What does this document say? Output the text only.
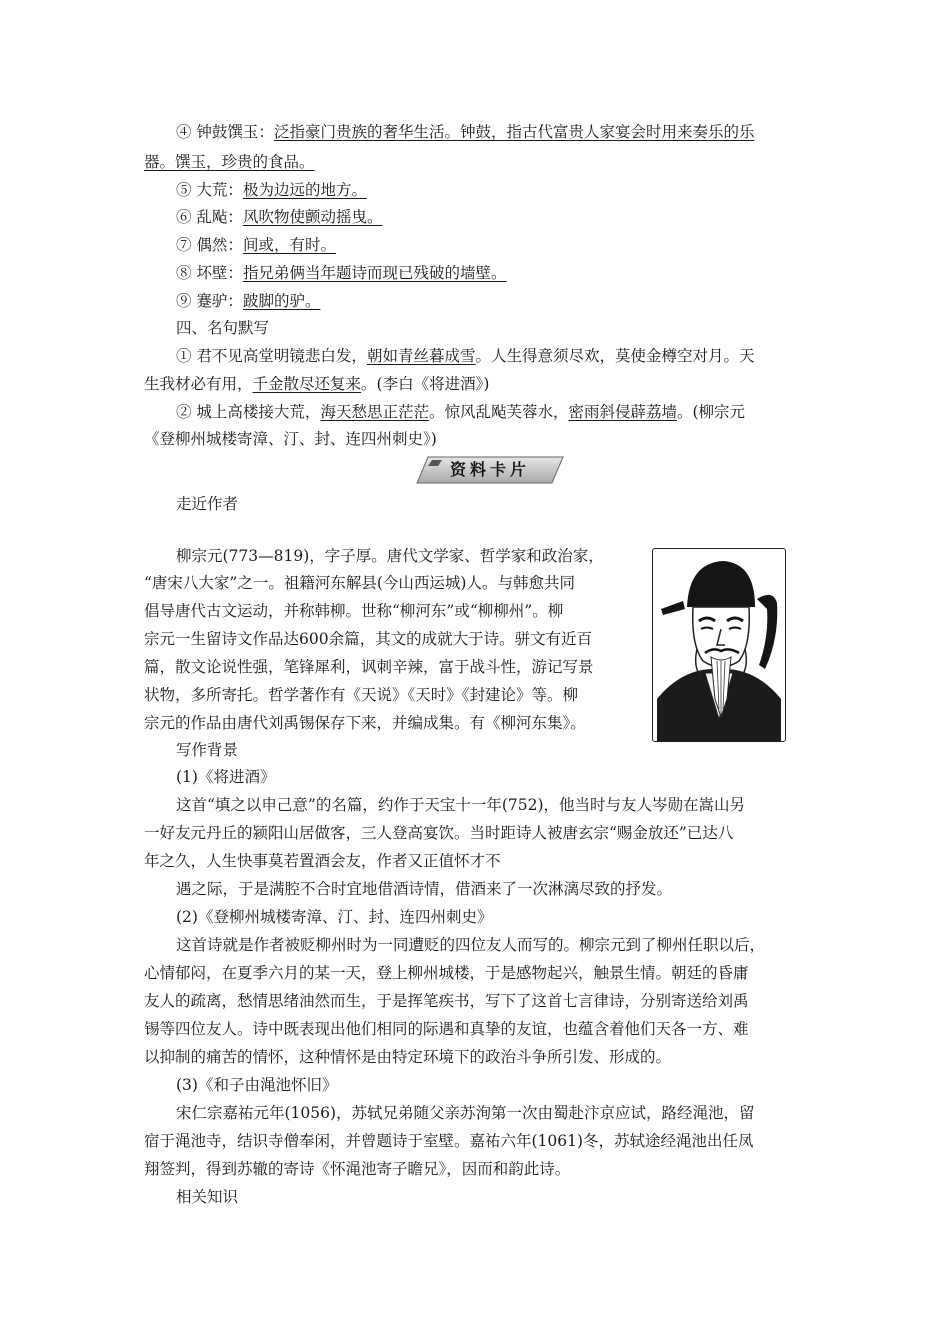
④ 钟鼓馔玉：泛指豪门贵族的奢华生活。钟鼓，指古代富贵人家宴会时用来奏乐的乐
器。馔玉，珍贵的食品。
⑤ 大荒：极为边远的地方。
⑥ 乱飐：风吹物使颤动摇曳。
⑦ 偶然：间或，有时。
⑧ 坏壁：指兄弟俩当年题诗而现已残破的墙壁。
⑨ 蹇驴：跛脚的驴。
四、名句默写
① 君不见高堂明镜悲白发，朝如青丝暮成雪。人生得意须尽欢，莫使金樽空对月。天
生我材必有用，千金散尽还复来。(李白《将进酒》)
② 城上高楼接大荒，海天愁思正茫茫。惊风乱飐芙蓉水，密雨斜侵薜荔墙。(柳宗元
《登柳州城楼寄漳、汀、封、连四州刺史》)
资料卡片
走近作者
柳宗元(773—819)，字子厚。唐代文学家、哲学家和政治家，
“唐宋八大家”之一。祖籍河东解县(今山西运城)人。与韩愈共同
倡导唐代古文运动，并称韩柳。世称“柳河东”或“柳柳州”。柳
宗元一生留诗文作品达600余篇，其文的成就大于诗。骈文有近百
篇，散文论说性强，笔锋犀利，讽刺辛辣，富于战斗性，游记写景
状物，多所寄托。哲学著作有《天说》《天时》《封建论》等。柳
宗元的作品由唐代刘禹锡保存下来，并编成集。有《柳河东集》。
写作背景
(1)《将进酒》
这首“填之以申己意”的名篇，约作于天宝十一年(752)，他当时与友人岑勋在嵩山另
一好友元丹丘的颍阳山居做客，三人登高宴饮。当时距诗人被唐玄宗“赐金放还”已达八
年之久，人生快事莫若置酒会友，作者又正值怀才不
遇之际，于是满腔不合时宜地借酒诗情，借酒来了一次淋漓尽致的抒发。
(2)《登柳州城楼寄漳、汀、封、连四州刺史》
这首诗就是作者被贬柳州时为一同遭贬的四位友人而写的。柳宗元到了柳州任职以后，
心情郁闷，在夏季六月的某一天，登上柳州城楼，于是感物起兴，触景生情。朝廷的昏庸
友人的疏离，愁情思绪油然而生，于是挥笔疾书，写下了这首七言律诗，分别寄送给刘禹
锡等四位友人。诗中既表现出他们相同的际遇和真挚的友谊，也蕴含着他们天各一方、难
以抑制的痛苦的情怀，这种情怀是由特定环境下的政治斗争所引发、形成的。
(3)《和子由渑池怀旧》
宋仁宗嘉祐元年(1056)，苏轼兄弟随父亲苏洵第一次由蜀赴汴京应试，路经渑池，留
宿于渑池寺，结识寺僧奉闲，并曾题诗于室壁。嘉祐六年(1061)冬，苏轼途经渑池出任凤
翔签判，得到苏辙的寄诗《怀渑池寄子瞻兄》，因而和韵此诗。
相关知识
